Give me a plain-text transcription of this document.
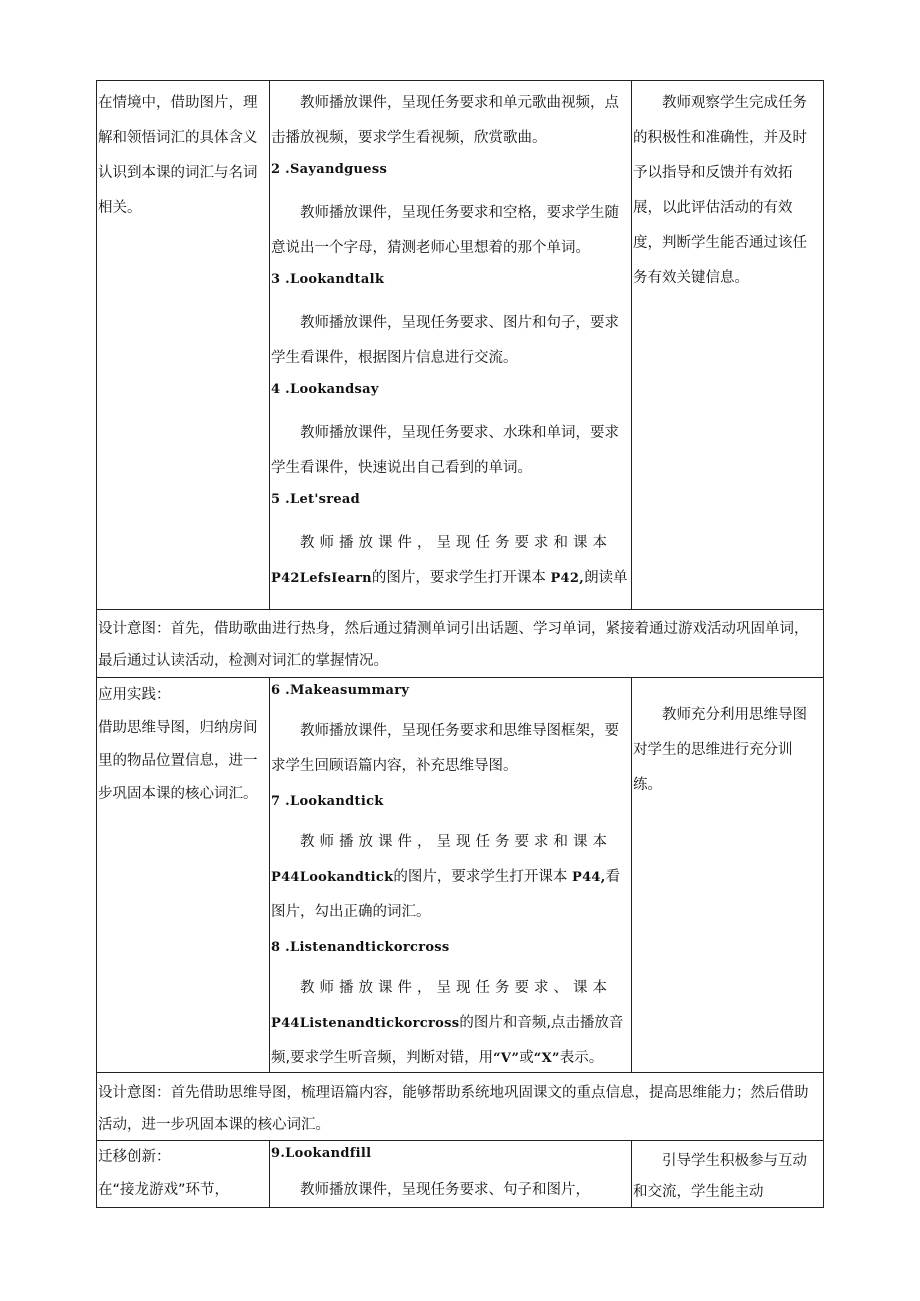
在情境中，借助图片，理解和领悟词汇的具体含义认识到本课的词汇与名词相关。

教师播放课件，呈现任务要求和单元歌曲视频，点击播放视频，要求学生看视频，欣赏歌曲。

2 .Sayandguess

教师播放课件，呈现任务要求和空格，要求学生随意说出一个字母，猜测老师心里想着的那个单词。

3 .Lookandtalk

教师播放课件，呈现任务要求、图片和句子，要求学生看课件，根据图片信息进行交流。

4 .Lookandsay

教师播放课件，呈现任务要求、水珠和单词，要求学生看课件，快速说出自己看到的单词。

5 .Let'sread

教师播放课件，呈现任务要求和课本

P42LefsIearn的图片，要求学生打开课本 P42,朗读单

教师观察学生完成任务的积极性和准确性，并及时予以指导和反馈并有效拓展，以此评估活动的有效度，判断学生能否通过该任务有效关键信息。

设计意图：首先，借助歌曲进行热身，然后通过猜测单词引出话题、学习单词，紧接着通过游戏活动巩固单词，最后通过认读活动，检测对词汇的掌握情况。

应用实践：

借助思维导图，归纳房间里的物品位置信息，进一步巩固本课的核心词汇。

6 .Makeasummary

教师播放课件，呈现任务要求和思维导图框架，要求学生回顾语篇内容，补充思维导图。

7 .Lookandtick

教师播放课件，呈现任务要求和课本

P44Lookandtick的图片，要求学生打开课本 P44,看图片，勾出正确的词汇。

8 .Listenandtickorcross

教师播放课件，呈现任务要求、课本

P44Listenandtickorcross的图片和音频,点击播放音频,要求学生听音频，判断对错，用“V”或“X”表示。

教师充分利用思维导图对学生的思维进行充分训练。

设计意图：首先借助思维导图，梳理语篇内容，能够帮助系统地巩固课文的重点信息，提高思维能力；然后借助活动，进一步巩固本课的核心词汇。

迁移创新：

在“接龙游戏”环节，

9.Lookandfill

教师播放课件，呈现任务要求、句子和图片，

引导学生积极参与互动和交流，学生能主动
